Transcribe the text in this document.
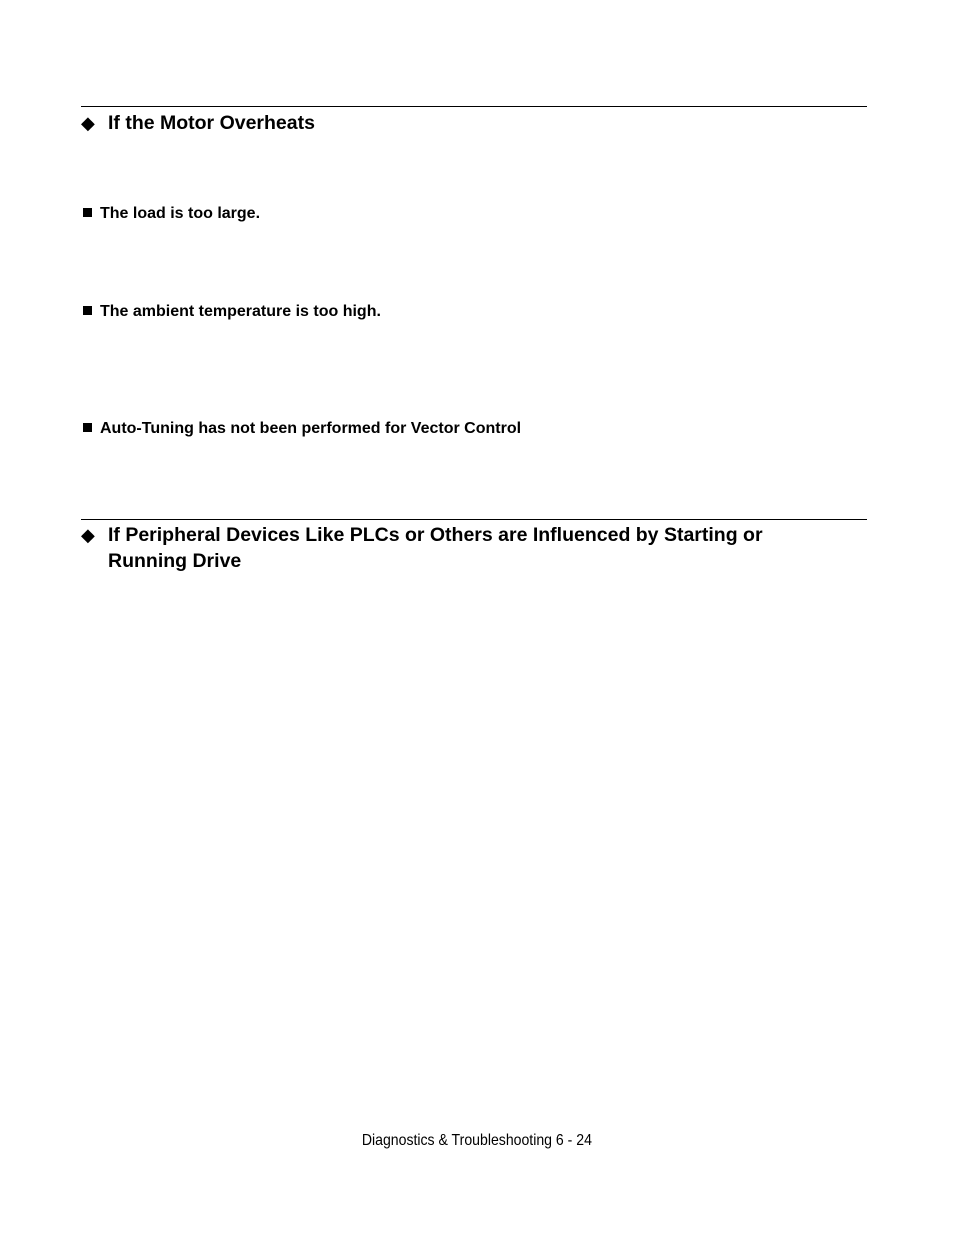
◆ If the Motor Overheats
The load is too large.
The ambient temperature is too high.
Auto-Tuning has not been performed for Vector Control
◆ If Peripheral Devices Like PLCs or Others are Influenced by Starting or Running Drive
Diagnostics & Troubleshooting 6 - 24
